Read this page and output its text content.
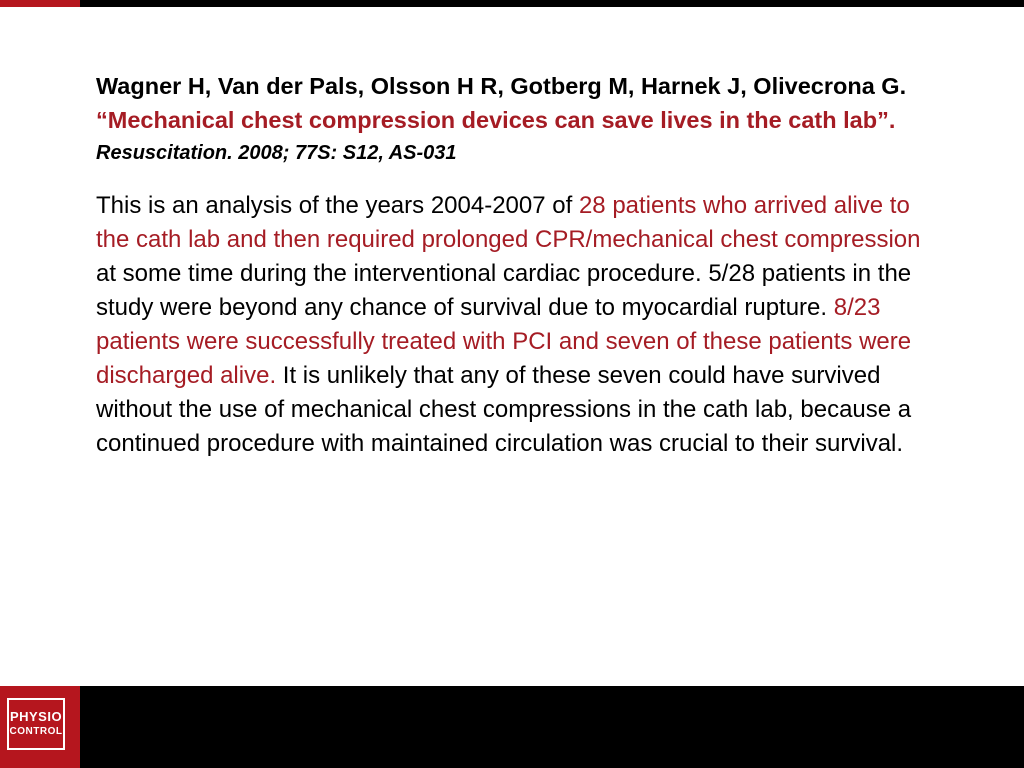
Wagner H, Van der Pals, Olsson H R, Gotberg M, Harnek J, Olivecrona G. “Mechanical chest compression devices can save lives in the cath lab”.
Resuscitation. 2008; 77S: S12, AS-031
This is an analysis of the years 2004-2007 of 28 patients who arrived alive to the cath lab and then required prolonged CPR/mechanical chest compression at some time during the interventional cardiac procedure. 5/28 patients in the study were beyond any chance of survival due to myocardial rupture. 8/23 patients were successfully treated with PCI and seven of these patients were discharged alive. It is unlikely that any of these seven could have survived without the use of mechanical chest compressions in the cath lab, because a continued procedure with maintained circulation was crucial to their survival.
PHYSIO
CONTROL
